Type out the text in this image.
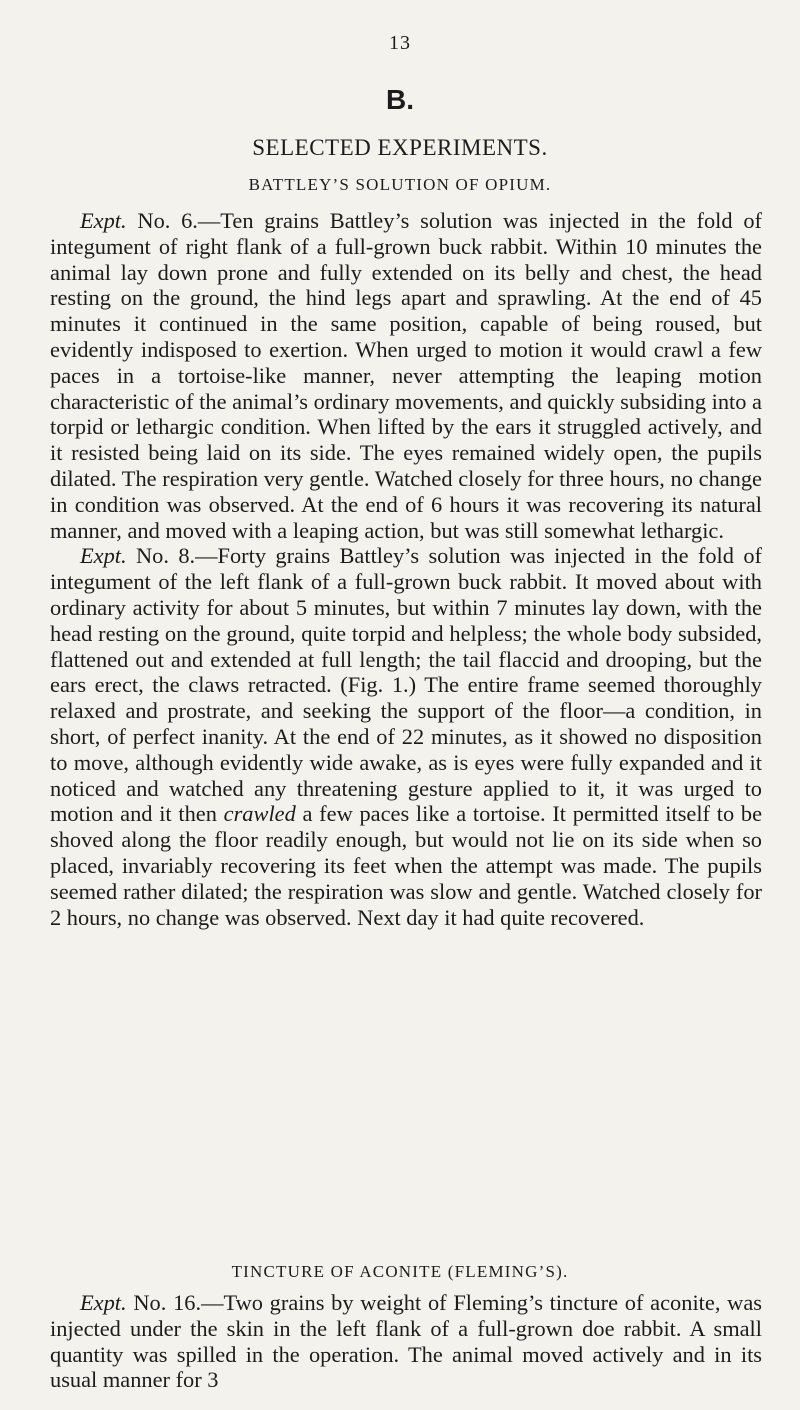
13
B.
SELECTED EXPERIMENTS.
BATTLEY’S SOLUTION OF OPIUM.

Expt. No. 6.—Ten grains Battley’s solution was injected in the fold of integument of right flank of a full-grown buck rabbit. Within 10 minutes the animal lay down prone and fully extended on its belly and chest, the head resting on the ground, the hind legs apart and sprawling. At the end of 45 minutes it continued in the same position, capable of being roused, but evidently indisposed to exertion. When urged to motion it would crawl a few paces in a tortoise-like manner, never attempting the leaping motion characteristic of the animal’s ordinary movements, and quickly subsiding into a torpid or lethargic condition. When lifted by the ears it struggled actively, and it resisted being laid on its side. The eyes remained widely open, the pupils dilated. The respiration very gentle. Watched closely for three hours, no change in condition was observed. At the end of 6 hours it was recovering its natural manner, and moved with a leaping action, but was still somewhat lethargic.

Expt. No. 8.—Forty grains Battley’s solution was injected in the fold of integument of the left flank of a full-grown buck rabbit. It moved about with ordinary activity for about 5 minutes, but within 7 minutes lay down, with the head resting on the ground, quite torpid and helpless; the whole body subsided, flattened out and extended at full length; the tail flaccid and drooping, but the ears erect, the claws retracted. (Fig. 1.) The entire frame seemed thoroughly relaxed and prostrate, and seeking the support of the floor—a condition, in short, of perfect inanity. At the end of 22 minutes, as it showed no disposition to move, although evidently wide awake, as is eyes were fully expanded and it noticed and watched any threatening gesture applied to it, it was urged to motion and it then crawled a few paces like a tortoise. It permitted itself to be shoved along the floor readily enough, but would not lie on its side when so placed, invariably recovering its feet when the attempt was made. The pupils seemed rather dilated; the respiration was slow and gentle. Watched closely for 2 hours, no change was observed. Next day it had quite recovered.

TINCTURE OF ACONITE (FLEMING’S).

Expt. No. 16.—Two grains by weight of Fleming’s tincture of aconite, was injected under the skin in the left flank of a full-grown doe rabbit. A small quantity was spilled in the operation. The animal moved actively and in its usual manner for 3
